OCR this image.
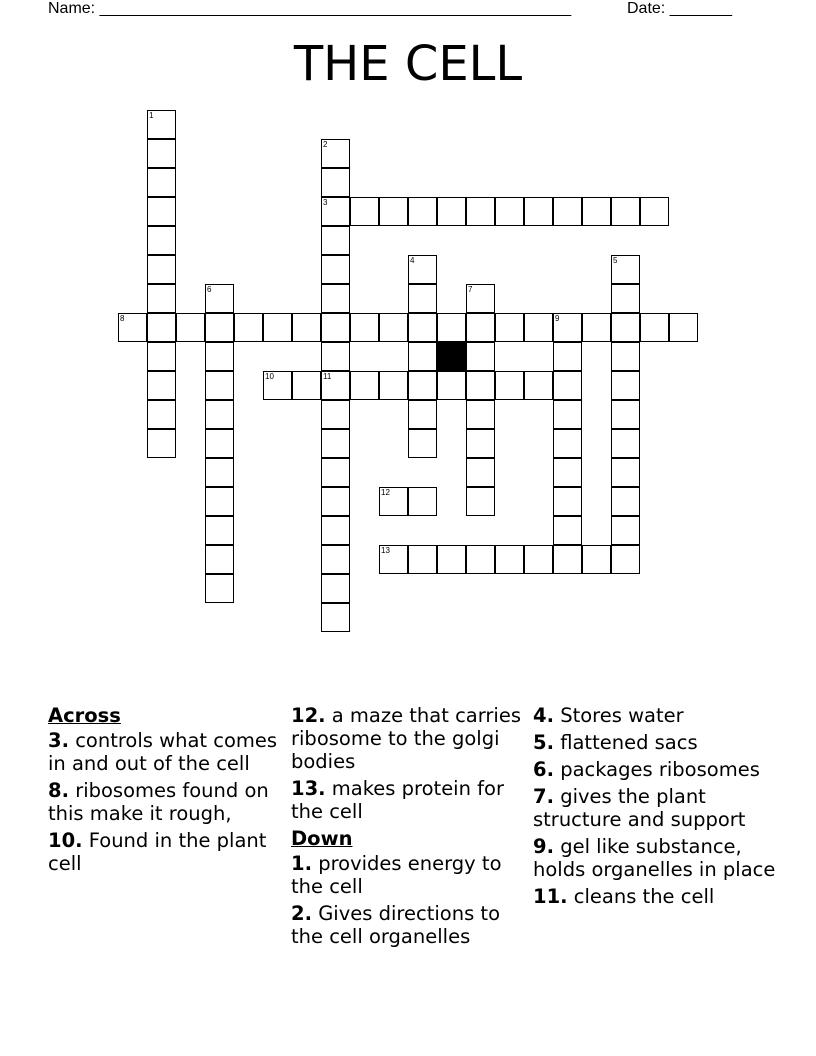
Name: _____________________________________________________	Date: _______
THE CELL
1
2
3
4	5
6	7
8	9
10	11
12
13
Across
3. controls what comes in and out of the cell
8. ribosomes found on this make it rough,
10. Found in the plant cell
12. a maze that carries ribosome to the golgi bodies
13. makes protein for the cell
Down
1. provides energy to the cell
2. Gives directions to the cell organelles
4. Stores water
5. flattened sacs
6. packages ribosomes
7. gives the plant structure and support
9. gel like substance, holds organelles in place
11. cleans the cell
